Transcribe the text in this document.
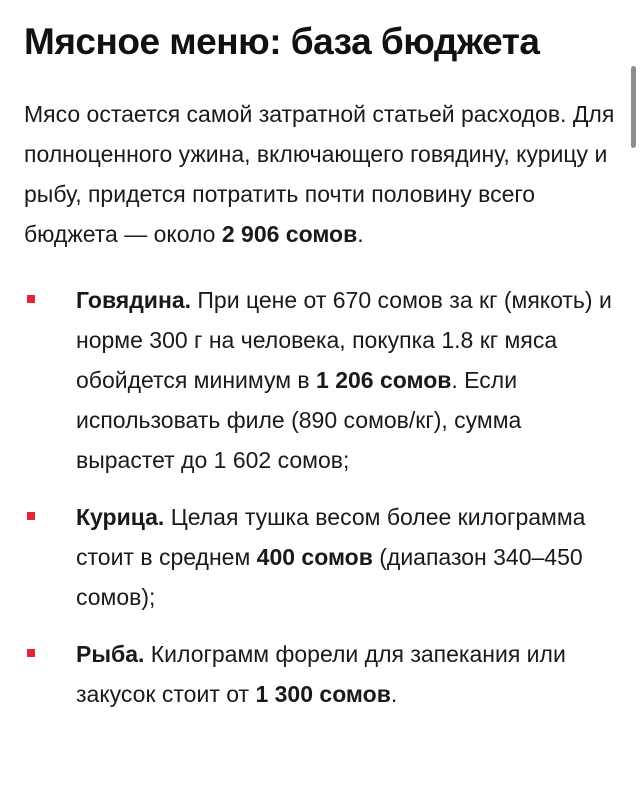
Мясное меню: база бюджета

Мясо остается самой затратной статьей расходов. Для полноценного ужина, включающего говядину, курицу и рыбу, придется потратить почти половину всего бюджета — около 2 906 сомов.

Говядина. При цене от 670 сомов за кг (мякоть) и норме 300 г на человека, покупка 1.8 кг мяса обойдется минимум в 1 206 сомов. Если использовать филе (890 сомов/кг), сумма вырастет до 1 602 сомов;
Курица. Целая тушка весом более килограмма стоит в среднем 400 сомов (диапазон 340–450 сомов);
Рыба. Килограмм форели для запекания или закусок стоит от 1 300 сомов.
